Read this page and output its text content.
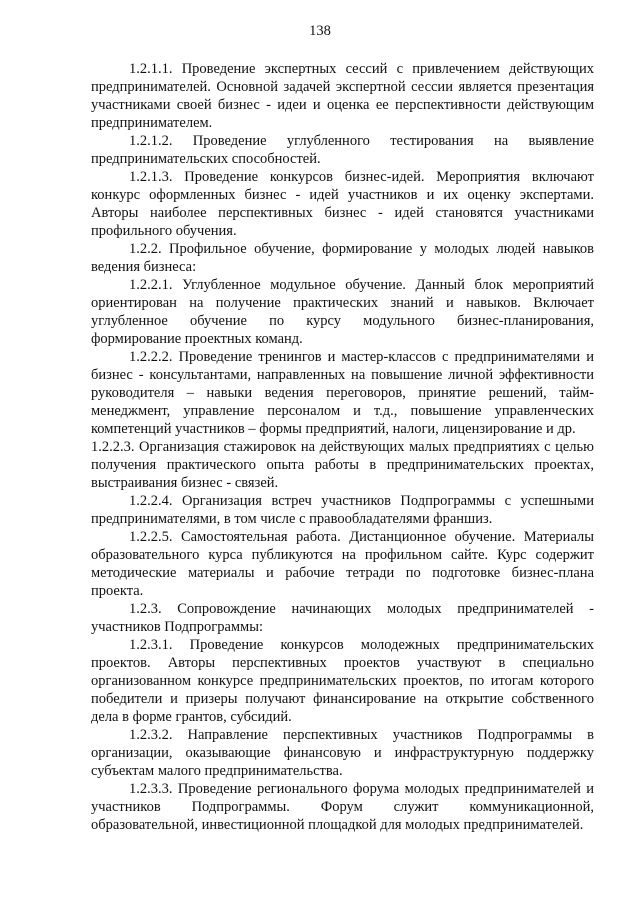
138

1.2.1.1. Проведение экспертных сессий с привлечением действующих предпринимателей. Основной задачей экспертной сессии является презентация участниками своей бизнес - идеи и оценка ее перспективности действующим предпринимателем.

1.2.1.2. Проведение углубленного тестирования на выявление предпринимательских способностей.

1.2.1.3. Проведение конкурсов бизнес-идей. Мероприятия включают конкурс оформленных бизнес - идей участников и их оценку экспертами. Авторы наиболее перспективных бизнес - идей становятся участниками профильного обучения.

1.2.2. Профильное обучение, формирование у молодых людей навыков ведения бизнеса:

1.2.2.1. Углубленное модульное обучение. Данный блок мероприятий ориентирован на получение практических знаний и навыков. Включает углубленное обучение по курсу модульного бизнес-планирования, формирование проектных команд.

1.2.2.2. Проведение тренингов и мастер-классов с предпринимателями и бизнес - консультантами, направленных на повышение личной эффективности руководителя – навыки ведения переговоров, принятие решений, тайм-менеджмент, управление персоналом и т.д., повышение управленческих компетенций участников – формы предприятий, налоги, лицензирование и др.

1.2.2.3. Организация стажировок на действующих малых предприятиях с целью получения практического опыта работы в предпринимательских проектах, выстраивания бизнес - связей.

1.2.2.4. Организация встреч участников Подпрограммы с успешными предпринимателями, в том числе с правообладателями франшиз.

1.2.2.5. Самостоятельная работа. Дистанционное обучение. Материалы образовательного курса публикуются на профильном сайте. Курс содержит методические материалы и рабочие тетради по подготовке бизнес-плана проекта.

1.2.3. Сопровождение начинающих молодых предпринимателей - участников Подпрограммы:

1.2.3.1. Проведение конкурсов молодежных предпринимательских проектов. Авторы перспективных проектов участвуют в специально организованном конкурсе предпринимательских проектов, по итогам которого победители и призеры получают финансирование на открытие собственного дела в форме грантов, субсидий.

1.2.3.2. Направление перспективных участников Подпрограммы в организации, оказывающие финансовую и инфраструктурную поддержку субъектам малого предпринимательства.

1.2.3.3. Проведение регионального форума молодых предпринимателей и участников Подпрограммы. Форум служит коммуникационной, образовательной, инвестиционной площадкой для молодых предпринимателей.
